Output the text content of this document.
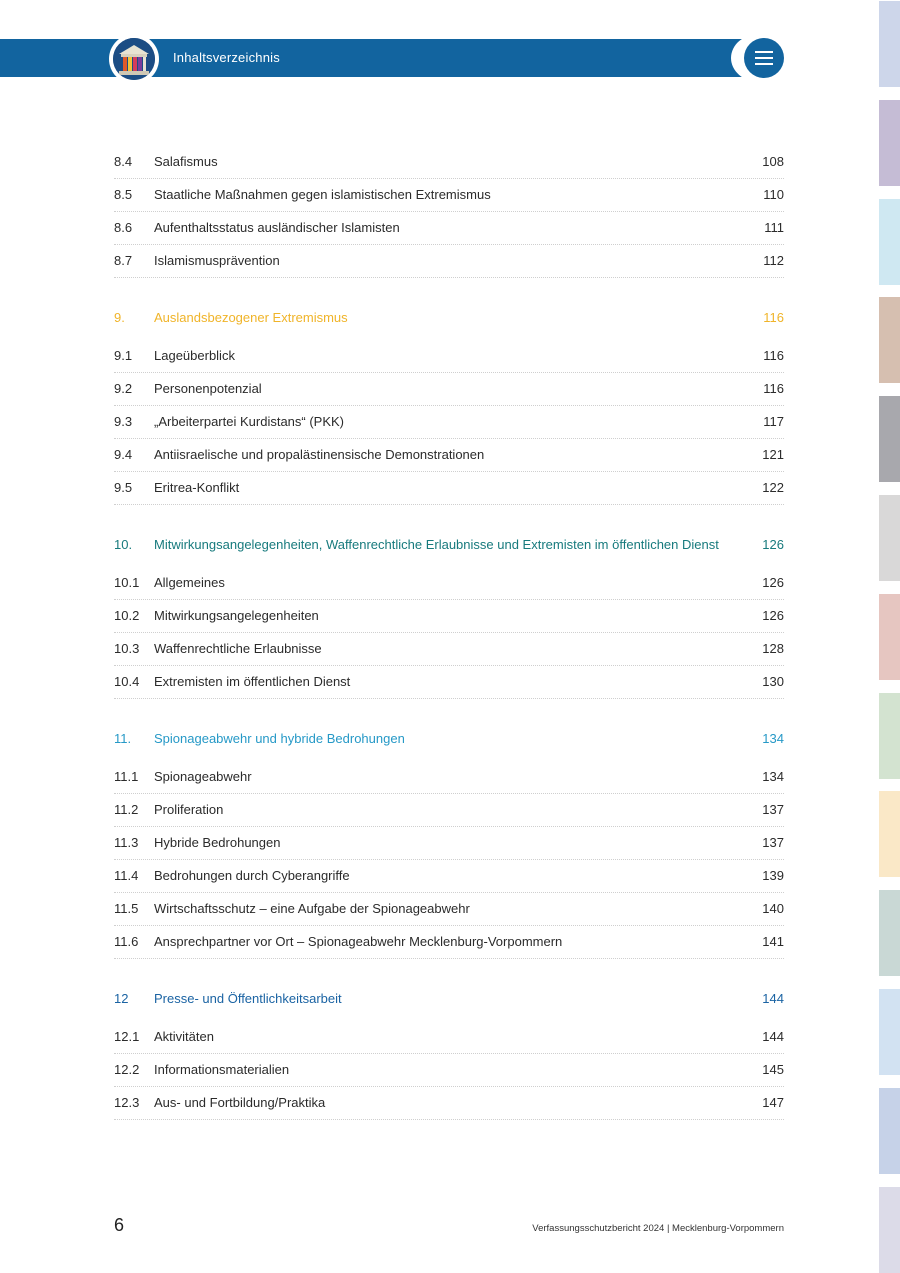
Inhaltsverzeichnis
8.4 Salafismus	108
8.5 Staatliche Maßnahmen gegen islamistischen Extremismus	110
8.6 Aufenthaltsstatus ausländischer Islamisten	111
8.7 Islamismusprävention	112
9. Auslandsbezogener Extremismus	116
9.1 Lageüberblick	116
9.2 Personenpotenzial	116
9.3 „Arbeiterpartei Kurdistans“ (PKK)	117
9.4 Antiisraelische und propalästinensische Demonstrationen	121
9.5 Eritrea-Konflikt	122
10. Mitwirkungsangelegenheiten, Waffenrechtliche Erlaubnisse und Extremisten im öffentlichen Dienst	126
10.1 Allgemeines	126
10.2 Mitwirkungsangelegenheiten	126
10.3 Waffenrechtliche Erlaubnisse	128
10.4 Extremisten im öffentlichen Dienst	130
11. Spionageabwehr und hybride Bedrohungen	134
11.1 Spionageabwehr	134
11.2 Proliferation	137
11.3 Hybride Bedrohungen	137
11.4 Bedrohungen durch Cyberangriffe	139
11.5 Wirtschaftsschutz – eine Aufgabe der Spionageabwehr	140
11.6 Ansprechpartner vor Ort – Spionageabwehr Mecklenburg-Vorpommern	141
12 Presse- und Öffentlichkeitsarbeit	144
12.1 Aktivitäten	144
12.2 Informationsmaterialien	145
12.3 Aus- und Fortbildung/Praktika	147
6	Verfassungsschutzbericht 2024 | Mecklenburg-Vorpommern
